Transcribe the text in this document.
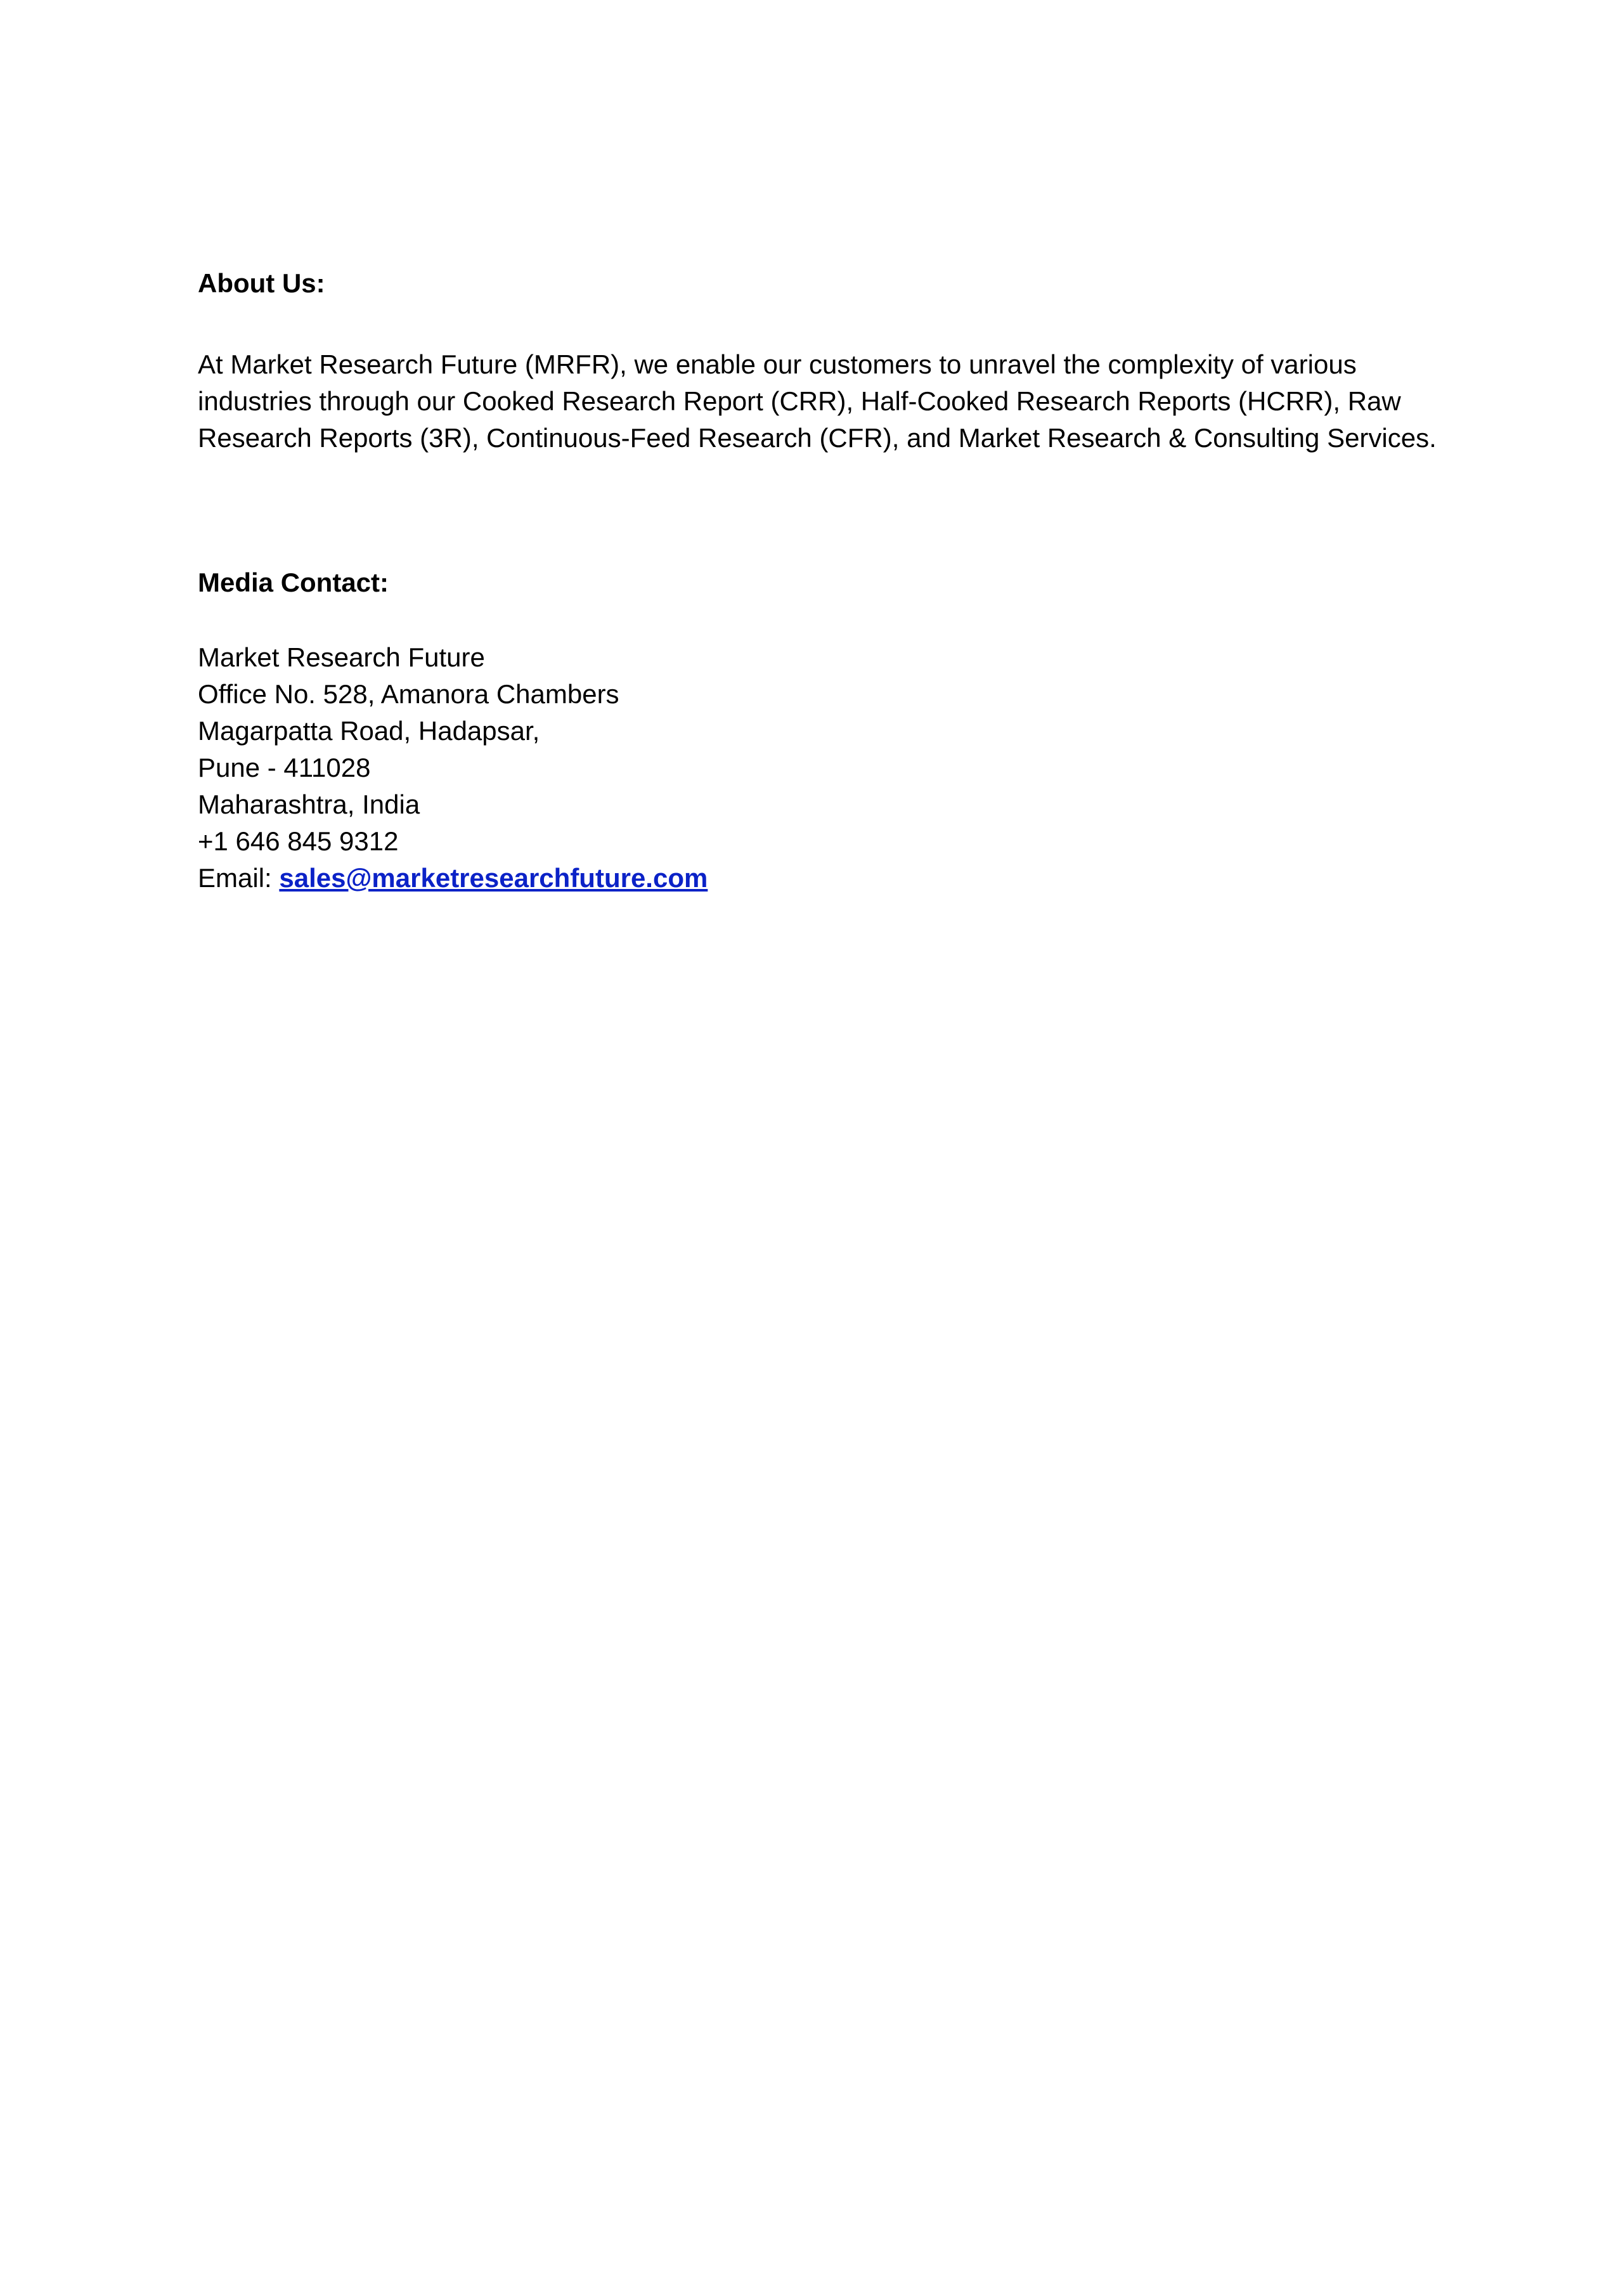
About Us:
At Market Research Future (MRFR), we enable our customers to unravel the complexity of various industries through our Cooked Research Report (CRR), Half-Cooked Research Reports (HCRR), Raw Research Reports (3R), Continuous-Feed Research (CFR), and Market Research & Consulting Services.
Media Contact:
Market Research Future
Office No. 528, Amanora Chambers
Magarpatta Road, Hadapsar,
Pune - 411028
Maharashtra, India
+1 646 845 9312
Email: sales@marketresearchfuture.com
